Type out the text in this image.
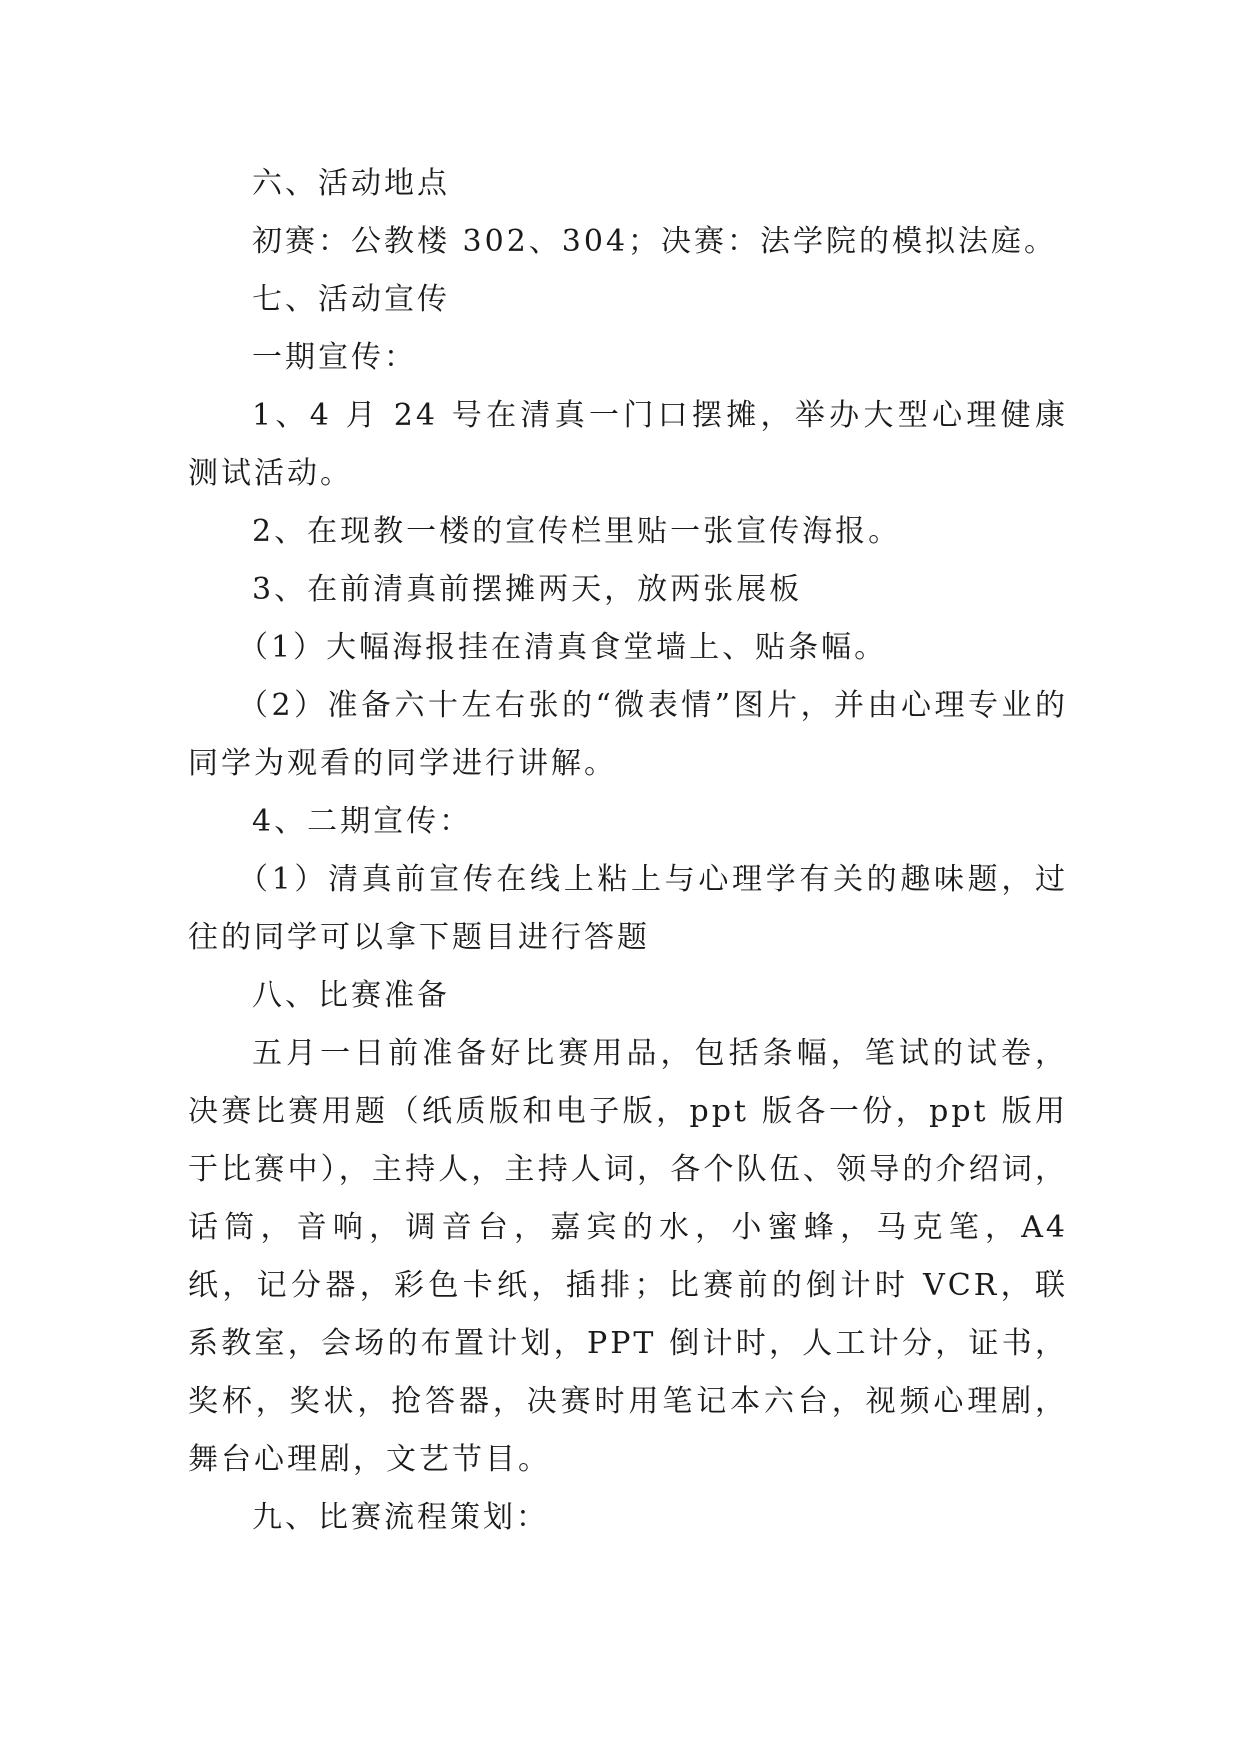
六、活动地点

初赛：公教楼 302、304；决赛：法学院的模拟法庭。

七、活动宣传

一期宣传：

1、4 月 24 号在清真一门口摆摊，举办大型心理健康测试活动。

2、在现教一楼的宣传栏里贴一张宣传海报。

3、在前清真前摆摊两天，放两张展板

（1）大幅海报挂在清真食堂墙上、贴条幅。

（2）准备六十左右张的“微表情”图片，并由心理专业的同学为观看的同学进行讲解。

4、二期宣传：

（1）清真前宣传在线上粘上与心理学有关的趣味题，过往的同学可以拿下题目进行答题

八、比赛准备

五月一日前准备好比赛用品，包括条幅，笔试的试卷，决赛比赛用题（纸质版和电子版，ppt 版各一份，ppt 版用于比赛中），主持人，主持人词，各个队伍、领导的介绍词，话筒，音响，调音台，嘉宾的水，小蜜蜂，马克笔，A4 纸，记分器，彩色卡纸，插排；比赛前的倒计时 VCR，联系教室，会场的布置计划，PPT 倒计时，人工计分，证书，奖杯，奖状，抢答器，决赛时用笔记本六台，视频心理剧，舞台心理剧，文艺节目。

九、比赛流程策划：
